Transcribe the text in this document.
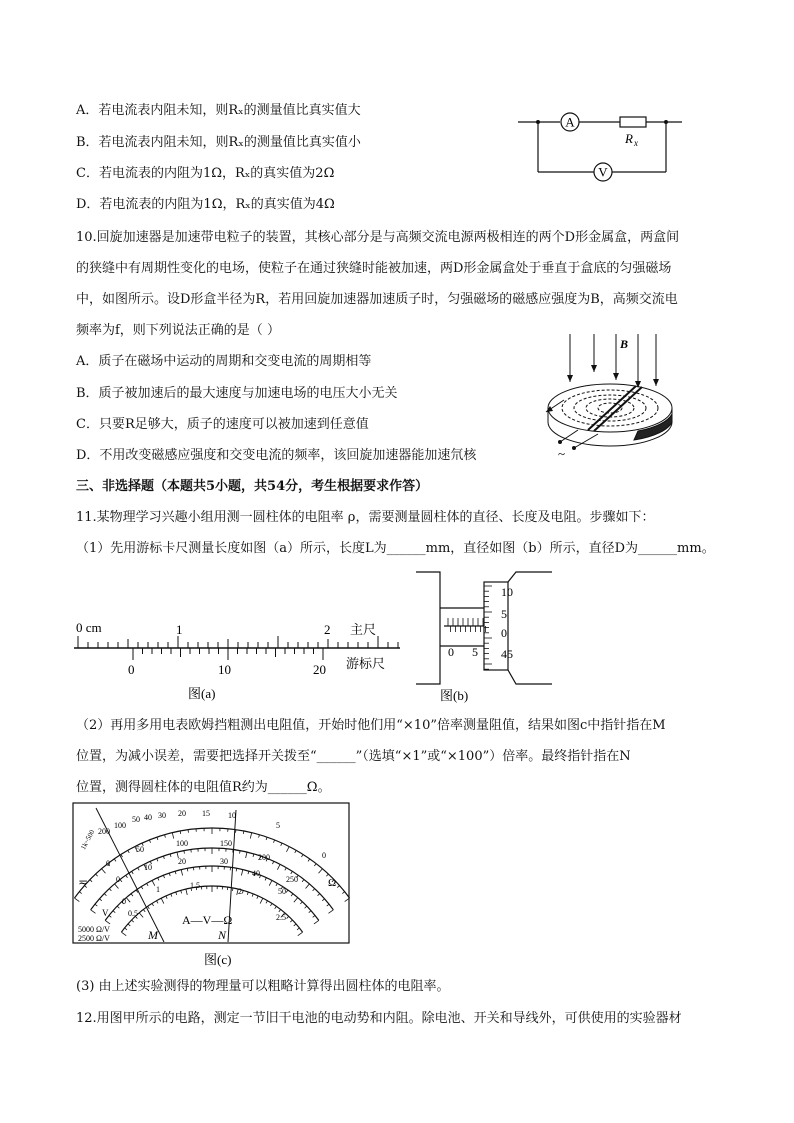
A．若电流表内阻未知，则Rₓ的测量值比真实值大
B．若电流表内阻未知，则Rₓ的测量值比真实值小
C．若电流表的内阻为1Ω，Rₓ的真实值为2Ω
D．若电流表的内阻为1Ω，Rₓ的真实值为4Ω
A
V
R x
10.回旋加速器是加速带电粒子的装置，其核心部分是与高频交流电源两极相连的两个D形金属盒，两盒间
的狭缝中有周期性变化的电场，使粒子在通过狭缝时能被加速，两D形金属盒处于垂直于盒底的匀强磁场
中，如图所示。设D形盒半径为R，若用回旋加速器加速质子时，匀强磁场的磁感应强度为B，高频交流电
频率为f，则下列说法正确的是（ ）
A．质子在磁场中运动的周期和交变电流的周期相等
B．质子被加速后的最大速度与加速电场的电压大小无关
C．只要R足够大，质子的速度可以被加速到任意值
D．不用改变磁感应强度和交变电流的频率，该回旋加速器能加速氘核
B
~
三、非选择题（本题共5小题，共54分，考生根据要求作答）
11.某物理学习兴趣小组用测一圆柱体的电阻率 ρ，需要测量圆柱体的直径、长度及电阻。步骤如下：
（1）先用游标卡尺测量长度如图（a）所示，长度L为______mm，直径如图（b）所示，直径D为______mm。
0 cm	1	2 主尺
0	10	20 游标尺
图(a)
0 5
10
5
0
45
图(b)
（2）再用多用电表欧姆挡粗测出电阻值，开始时他们用“×10”倍率测量阻值，结果如图c中指针指在M
位置，为减小误差，需要把选择开关拨至“______”（选填“×1”或“×100”）倍率。最终指针指在N
位置，测得圆柱体的电阻值R约为______Ω。
1k~500 200
100
50 40 30 20 15 10
5
0
Ω
0
50
100	150
200
250
0
10
20	30
40
50
0
0.5
1	1.5
2
2.5
≂
V	A—V—Ω
5000 Ω/V
2500 Ω/V	M	N
图(c)
(3) 由上述实验测得的物理量可以粗略计算得出圆柱体的电阻率。
12.用图甲所示的电路，测定一节旧干电池的电动势和内阻。除电池、开关和导线外，可供使用的实验器材
